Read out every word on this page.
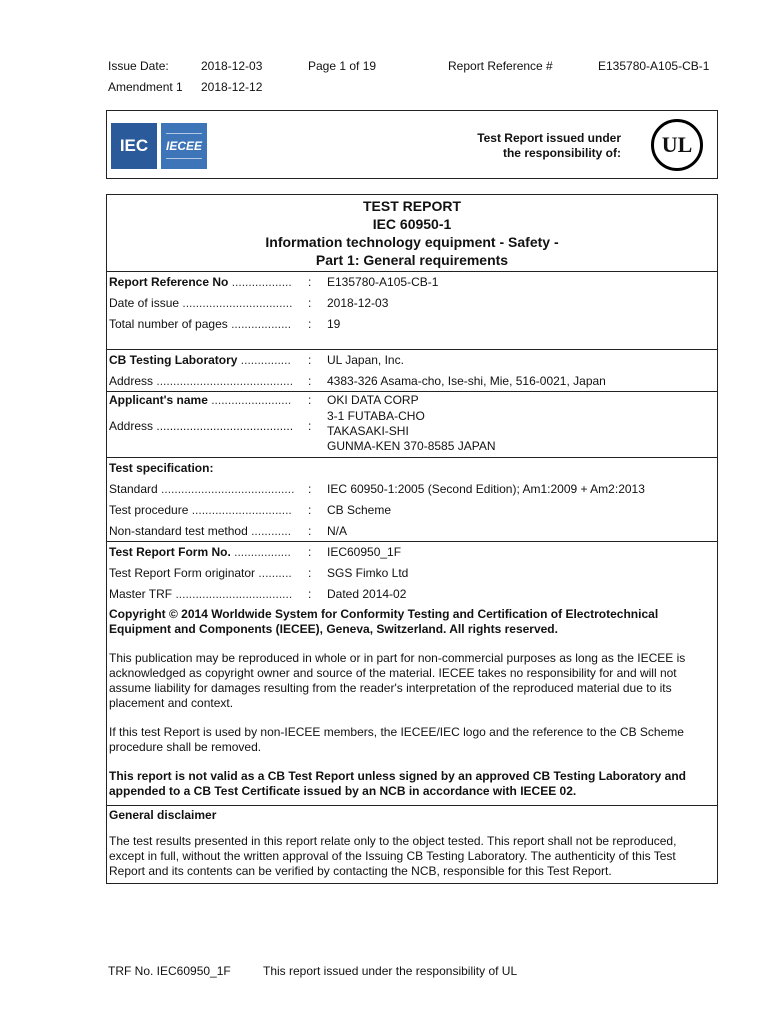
Issue Date:	2018-12-03	Page 1 of 19	Report Reference #	E135780-A105-CB-1
Amendment 1 2018-12-12
IEC	IECEE
Test Report issued under
the responsibility of:	UL
TEST REPORT
IEC 60950-1
Information technology equipment - Safety -
Part 1: General requirements
Report Reference No ..................	: E135780-A105-CB-1
Date of issue .................................	: 2018-12-03
Total number of pages ..................	: 19
CB Testing Laboratory ...............	: UL Japan, Inc.
Address .........................................	: 4383-326 Asama-cho, Ise-shi, Mie, 516-0021, Japan
Applicant's name ........................	: OKI DATA CORP
Address .........................................	:
3-1 FUTABA-CHO
TAKASAKI-SHI
GUNMA-KEN 370-8585 JAPAN
Test specification:
Standard ........................................	: IEC 60950-1:2005 (Second Edition); Am1:2009 + Am2:2013
Test procedure ..............................	: CB Scheme
Non-standard test method ............	: N/A
Test Report Form No. .................	: IEC60950_1F
Test Report Form originator ..........	: SGS Fimko Ltd
Master TRF ...................................	: Dated 2014-02

Copyright © 2014 Worldwide System for Conformity Testing and Certification of Electrotechnical Equipment and Components (IECEE), Geneva, Switzerland. All rights reserved.

This publication may be reproduced in whole or in part for non-commercial purposes as long as the IECEE is acknowledged as copyright owner and source of the material. IECEE takes no responsibility for and will not assume liability for damages resulting from the reader's interpretation of the reproduced material due to its placement and context.

If this test Report is used by non-IECEE members, the IECEE/IEC logo and the reference to the CB Scheme procedure shall be removed.

This report is not valid as a CB Test Report unless signed by an approved CB Testing Laboratory and appended to a CB Test Certificate issued by an NCB in accordance with IECEE 02.

General disclaimer

The test results presented in this report relate only to the object tested. This report shall not be reproduced, except in full, without the written approval of the Issuing CB Testing Laboratory. The authenticity of this Test Report and its contents can be verified by contacting the NCB, responsible for this Test Report.

TRF No. IEC60950_1F	This report issued under the responsibility of UL
